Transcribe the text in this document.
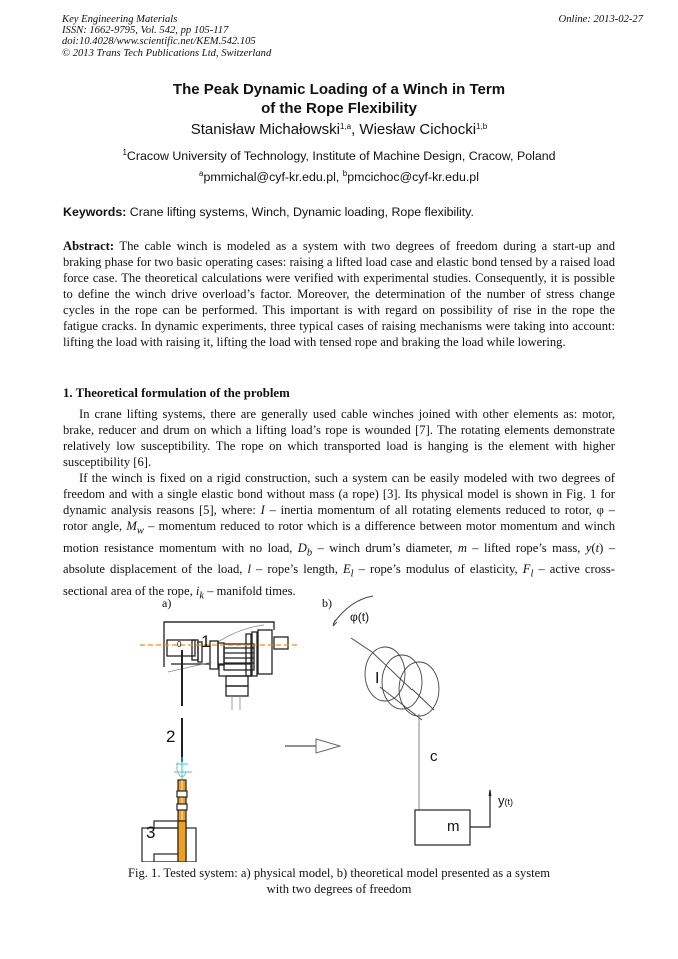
Key Engineering Materials
ISSN: 1662-9795, Vol. 542, pp 105-117
doi:10.4028/www.scientific.net/KEM.542.105
© 2013 Trans Tech Publications Ltd, Switzerland
Online: 2013-02-27
The Peak Dynamic Loading of a Winch in Term
of the Rope Flexibility
Stanisław Michałowski$^{1,a}$, Wiesław Cichocki$^{1,b}$
$^1$Cracow University of Technology, Institute of Machine Design, Cracow, Poland
$^a$pmmichal@cyf-kr.edu.pl, $^b$pmcichoc@cyf-kr.edu.pl
Keywords: Crane lifting systems, Winch, Dynamic loading, Rope flexibility.
Abstract: The cable winch is modeled as a system with two degrees of freedom during a start-up and braking phase for two basic operating cases: raising a lifted load case and elastic bond tensed by a raised load force case. The theoretical calculations were verified with experimental studies. Consequently, it is possible to define the winch drive overload’s factor. Moreover, the determination of the number of stress change cycles in the rope can be performed. This important is with regard on possibility of rise in the rope the fatigue cracks. In dynamic experiments, three typical cases of raising mechanisms were taking into account: lifting the load with raising it, lifting the load with tensed rope and braking the load while lowering.
1. Theoretical formulation of the problem
In crane lifting systems, there are generally used cable winches joined with other elements as: motor, brake, reducer and drum on which a lifting load’s rope is wounded [7]. The rotating elements demonstrate relatively low susceptibility. The rope on which transported load is hanging is the element with higher susceptibility [6].
If the winch is fixed on a rigid construction, such a system can be easily modeled with two degrees of freedom and with a single elastic bond without mass (a rope) [3]. Its physical model is shown in Fig. 1 for dynamic analysis reasons [5], where: I – inertia momentum of all rotating elements reduced to rotor, φ – rotor angle, $M_w$ – momentum reduced to rotor which is a difference between motor momentum and winch motion resistance momentum with no load, $D_b$ – winch drum’s diameter, m – lifted rope’s mass, y(t) – absolute displacement of the load, l – rope’s length, $E_l$ – rope’s modulus of elasticity, $F_l$ – active cross-sectional area of the rope, $i_k$ – manifold times.
a)	b)
1
0
2
3
φ(t)
I
c
m
y(t)
Fig. 1. Tested system: a) physical model, b) theoretical model presented as a system
with two degrees of freedom
